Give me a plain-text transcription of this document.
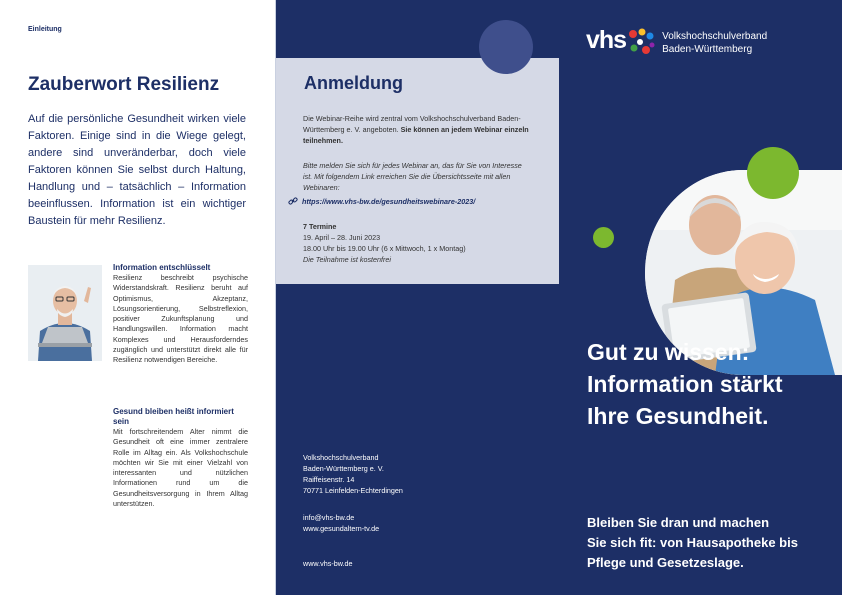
Einleitung
Zauberwort Resilienz

Auf die persönliche Gesundheit wirken viele Faktoren. Einige sind in die Wiege gelegt, andere sind unveränderbar, doch viele Faktoren können Sie selbst durch Haltung, Handlung und – tatsächlich – Information beeinflussen. Information ist ein wichtiger Baustein für mehr Resilienz.

Information entschlüsselt
Resilienz beschreibt psychische Widerstandskraft. Resilienz beruht auf Optimismus, Akzeptanz, Lösungsorientierung, Selbstreflexion, positiver Zukunftsplanung und Handlungswillen. Information macht Komplexes und Herausforderndes zugänglich und unterstützt direkt alle für Resilienz notwendigen Bereiche.
Gesund bleiben heißt informiert sein
Mit fortschreitendem Alter nimmt die Gesundheit oft eine immer zentralere Rolle im Alltag ein. Als Volkshochschule möchten wir Sie mit einer Vielzahl von interessanten und nützlichen Informationen rund um die Gesundheitsversorgung in Ihrem Alltag unterstützen.
Anmeldung

Die Webinar-Reihe wird zentral vom Volkshochschulverband Baden-Württemberg e. V. angeboten. Sie können an jedem Webinar einzeln teilnehmen.

Bitte melden Sie sich für jedes Webinar an, das für Sie von Interesse ist. Mit folgendem Link erreichen Sie die Übersichtsseite mit allen Webinaren:

https://www.vhs-bw.de/gesundheitswebinare-2023/
7 Termine
19. April – 28. Juni 2023
18.00 Uhr bis 19.00 Uhr (6 x Mittwoch, 1 x Montag)
Die Teilnahme ist kostenfrei
Volkshochschulverband
Baden-Württemberg e. V.
Raiffeisenstr. 14
70771 Leinfelden-Echterdingen
info@vhs-bw.de
www.gesundaltern-tv.de
www.vhs-bw.de
vhs	Volkshochschulverband
Baden-Württemberg
Gut zu wissen:
Information stärkt
Ihre Gesundheit.
Bleiben Sie dran und machen
Sie sich fit: von Hausapotheke bis
Pflege und Gesetzeslage.
